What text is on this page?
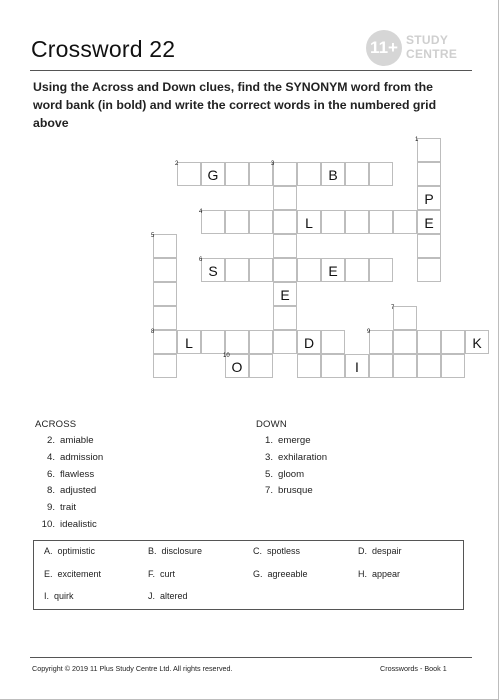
Crossword 22	11+ STUDY
CENTRE
Using the Across and Down clues, find the SYNONYM word from the word bank (in bold) and write the correct words in the numbered grid above
2
G
3
B
1
P
E
4
L
E
5
6
S	E
8
L	D
7
9
K
10
O	I
ACROSS	DOWN
A. optimistic	B. disclosure	C. spotless	D. despair
E. excitement	F. curt	G. agreeable	H. appear
I. quirk	J. altered
Copyright © 2019 11 Plus Study Centre Ltd. All rights reserved.	Crosswords - Book 1
2. amiable
4. admission
6. flawless
8. adjusted
9. trait
10. idealistic
1. emerge
3. exhilaration
5. gloom
7. brusque
